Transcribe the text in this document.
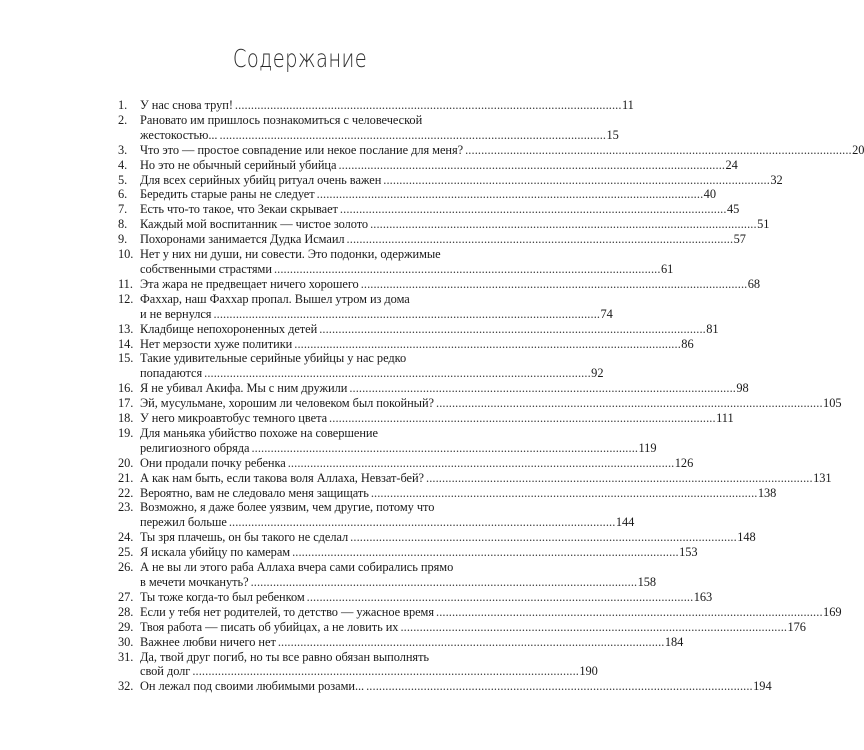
Содержание
1.	У нас снова труп! . . .	11
2.	Рановато им пришлось познакомиться с человеческой
жестокостью... . . .	15
3.	Что это — простое совпадение или некое послание для меня? . . .	20
4.	Но это не обычный серийный убийца . . .	24
5.	Для всех серийных убийц ритуал очень важен . . .	32
6.	Бередить старые раны не следует . . .	40
7.	Есть что-то такое, что Зекаи скрывает . . .	45
8.	Каждый мой воспитанник — чистое золото . . .	51
9.	Похоронами занимается Дудка Исмаил . . .	57
10. Нет у них ни души, ни совести. Это подонки, одержимые
собственными страстями . . .	61
11. Эта жара не предвещает ничего хорошего . . .	68
12. Фаххар, наш Фаххар пропал. Вышел утром из дома
и не вернулся . . .	74
13. Кладбище непохороненных детей . . .	81
14. Нет мерзости хуже политики . . .	86
15. Такие удивительные серийные убийцы у нас редко
попадаются . . .	92
16. Я не убивал Акифа. Мы с ним дружили . . .	98
17. Эй, мусульмане, хорошим ли человеком был покойный? . . .	105
18. У него микроавтобус темного цвета . . .	111
19. Для маньяка убийство похоже на совершение
религиозного обряда . . .	119
20. Они продали почку ребенка . . .	126
21. А как нам быть, если такова воля Аллаха, Невзат-бей? . . .	131
22. Вероятно, вам не следовало меня защищать . . .	138
23. Возможно, я даже более уязвим, чем другие, потому что
пережил больше . . .	144
24. Ты зря плачешь, он бы такого не сделал . . .	148
25. Я искала убийцу по камерам . . .	153
26. А не вы ли этого раба Аллаха вчера сами собирались прямо
в мечети мочкануть? . . .	158
27. Ты тоже когда-то был ребенком . . .	163
28. Если у тебя нет родителей, то детство — ужасное время . . .	169
29. Твоя работа — писать об убийцах, а не ловить их . . .	176
30. Важнее любви ничего нет . . .	184
31. Да, твой друг погиб, но ты все равно обязан выполнять
свой долг . . .	190
32. Он лежал под своими любимыми розами... . . .	194
